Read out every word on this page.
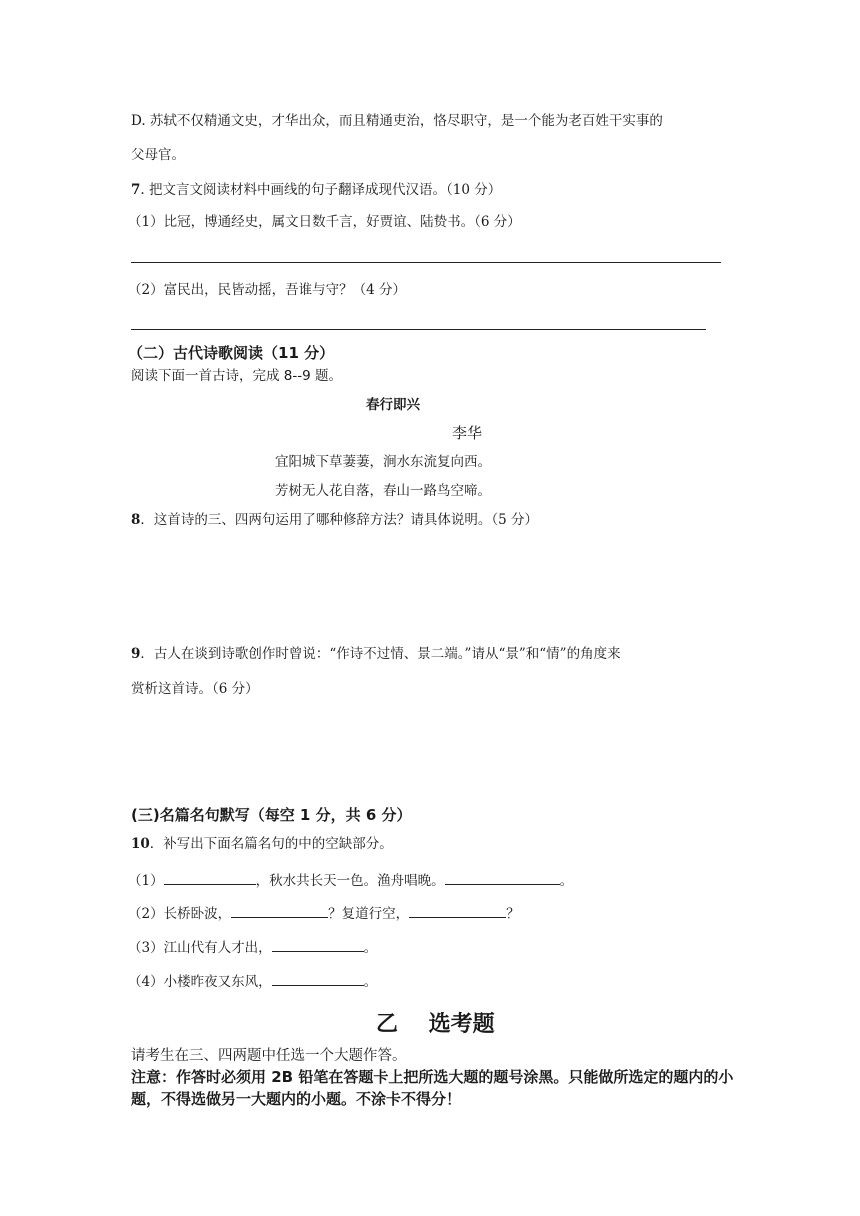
D. 苏轼不仅精通文史，才华出众，而且精通吏治，恪尽职守，是一个能为老百姓干实事的
父母官。
7. 把文言文阅读材料中画线的句子翻译成现代汉语。（10 分）
（1）比冠，博通经史，属文日数千言，好贾谊、陆贽书。（6 分）
（2）富民出，民皆动摇，吾谁与守？（4 分）
（二）古代诗歌阅读（11 分）
阅读下面一首古诗，完成 8--9 题。
春行即兴
李华
宜阳城下草萋萋，涧水东流复向西。
芳树无人花自落，春山一路鸟空啼。
8．这首诗的三、四两句运用了哪种修辞方法？请具体说明。（5 分）
9．古人在谈到诗歌创作时曾说：“作诗不过情、景二端。”请从“景”和“情”的角度来
赏析这首诗。（6 分）
(三)名篇名句默写（每空 1 分，共 6 分）
10．补写出下面名篇名句的中的空缺部分。
（1）	，秋水共长天一色。渔舟唱晚。	。
（2）长桥卧波，	？复道行空，	？
（3）江山代有人才出，	。
（4）小楼昨夜又东风，	。
乙    选考题
请考生在三、四两题中任选一个大题作答。
注意：作答时必须用 2B 铅笔在答题卡上把所选大题的题号涂黑。只能做所选定的题内的小题，不得选做另一大题内的小题。不涂卡不得分！
